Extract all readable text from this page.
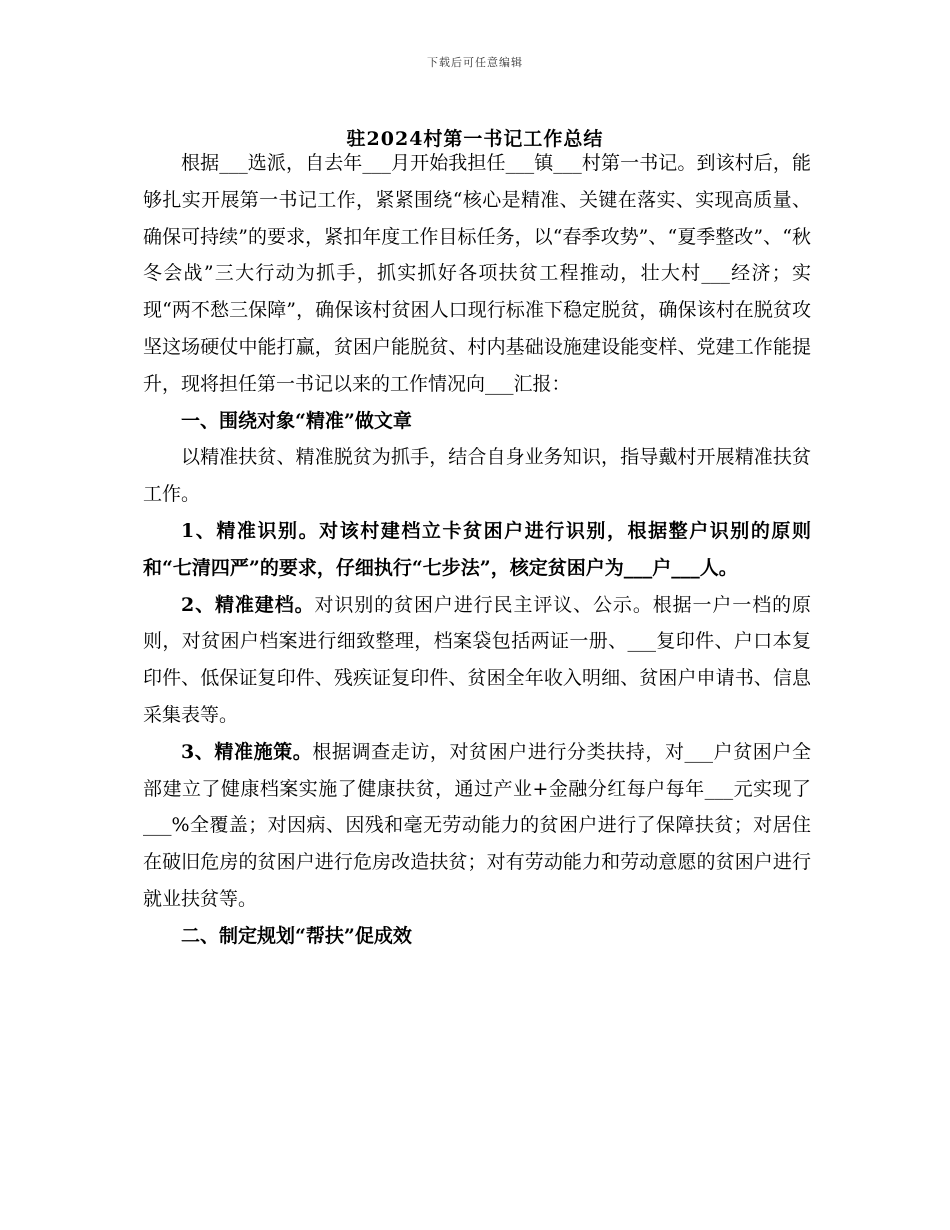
下载后可任意编辑
驻2024村第一书记工作总结

根据___选派，自去年___月开始我担任___镇___村第一书记。到该村后，能够扎实开展第一书记工作，紧紧围绕“核心是精准、关键在落实、实现高质量、确保可持续”的要求，紧扣年度工作目标任务，以“春季攻势”、“夏季整改”、“秋冬会战”三大行动为抓手，抓实抓好各项扶贫工程推动，壮大村___经济；实现“两不愁三保障”，确保该村贫困人口现行标准下稳定脱贫，确保该村在脱贫攻坚这场硬仗中能打赢，贫困户能脱贫、村内基础设施建设能变样、党建工作能提升，现将担任第一书记以来的工作情况向___汇报：

一、围绕对象“精准”做文章

以精准扶贫、精准脱贫为抓手，结合自身业务知识，指导戴村开展精准扶贫工作。

1、精准识别。对该村建档立卡贫困户进行识别，根据整户识别的原则和“七清四严”的要求，仔细执行“七步法”，核定贫困户为___户___人。

2、精准建档。对识别的贫困户进行民主评议、公示。根据一户一档的原则，对贫困户档案进行细致整理，档案袋包括两证一册、___复印件、户口本复印件、低保证复印件、残疾证复印件、贫困全年收入明细、贫困户申请书、信息采集表等。

3、精准施策。根据调查走访，对贫困户进行分类扶持，对___户贫困户全部建立了健康档案实施了健康扶贫，通过产业+金融分红每户每年___元实现了___%全覆盖；对因病、因残和毫无劳动能力的贫困户进行了保障扶贫；对居住在破旧危房的贫困户进行危房改造扶贫；对有劳动能力和劳动意愿的贫困户进行就业扶贫等。

二、制定规划“帮扶”促成效
